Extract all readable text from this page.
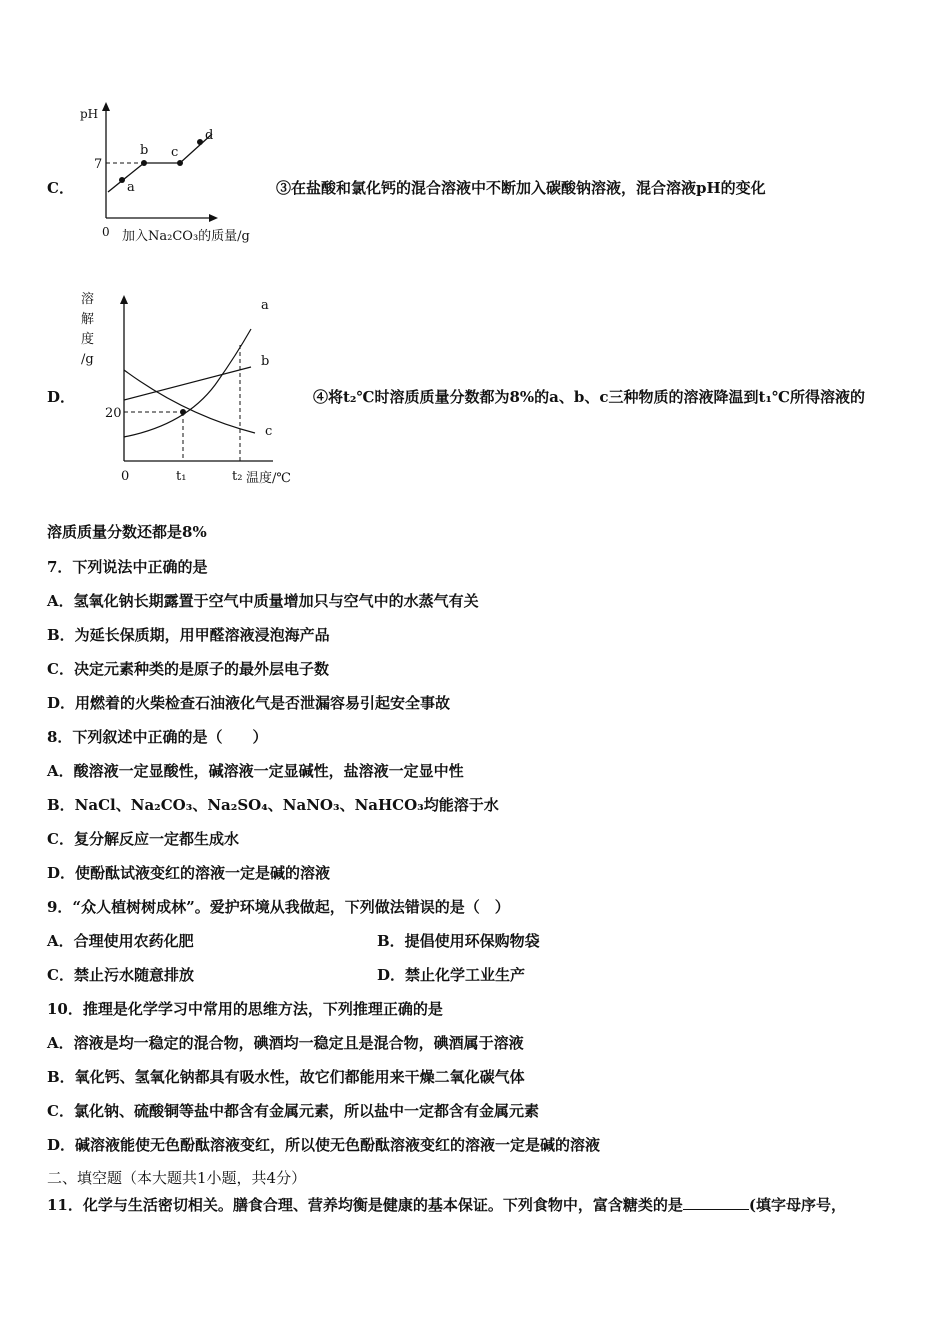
C．
pH
7
0 加入Na₂CO₃的质量/g
a
b c
d
③在盐酸和氯化钙的混合溶液中不断加入碳酸钠溶液，混合溶液pH的变化
D．
溶
解
度
/g
20
0	t₁	t₂ 温度/℃
a
b
c
④将t₂℃时溶质质量分数都为8%的a、b、c三种物质的溶液降温到t₁℃所得溶液的
溶质质量分数还都是8%
7．下列说法中正确的是
A．氢氧化钠长期露置于空气中质量增加只与空气中的水蒸气有关
B．为延长保质期，用甲醛溶液浸泡海产品
C．决定元素种类的是原子的最外层电子数
D．用燃着的火柴检查石油液化气是否泄漏容易引起安全事故
8．下列叙述中正确的是（　　）
A．酸溶液一定显酸性，碱溶液一定显碱性，盐溶液一定显中性
B．NaCl、Na₂CO₃、Na₂SO₄、NaNO₃、NaHCO₃均能溶于水
C．复分解反应一定都生成水
D．使酚酞试液变红的溶液一定是碱的溶液
9．“众人植树树成林”。爱护环境从我做起，下列做法错误的是（　）
A．合理使用农药化肥	B．提倡使用环保购物袋
C．禁止污水随意排放	D．禁止化学工业生产
10．推理是化学学习中常用的思维方法，下列推理正确的是
A．溶液是均一稳定的混合物，碘酒均一稳定且是混合物，碘酒属于溶液
B．氧化钙、氢氧化钠都具有吸水性，故它们都能用来干燥二氧化碳气体
C．氯化钠、硫酸铜等盐中都含有金属元素，所以盐中一定都含有金属元素
D．碱溶液能使无色酚酞溶液变红，所以使无色酚酞溶液变红的溶液一定是碱的溶液
二、填空题（本大题共1小题，共4分）
11．化学与生活密切相关。膳食合理、营养均衡是健康的基本保证。下列食物中，富含糖类的是	(填字母序号，
